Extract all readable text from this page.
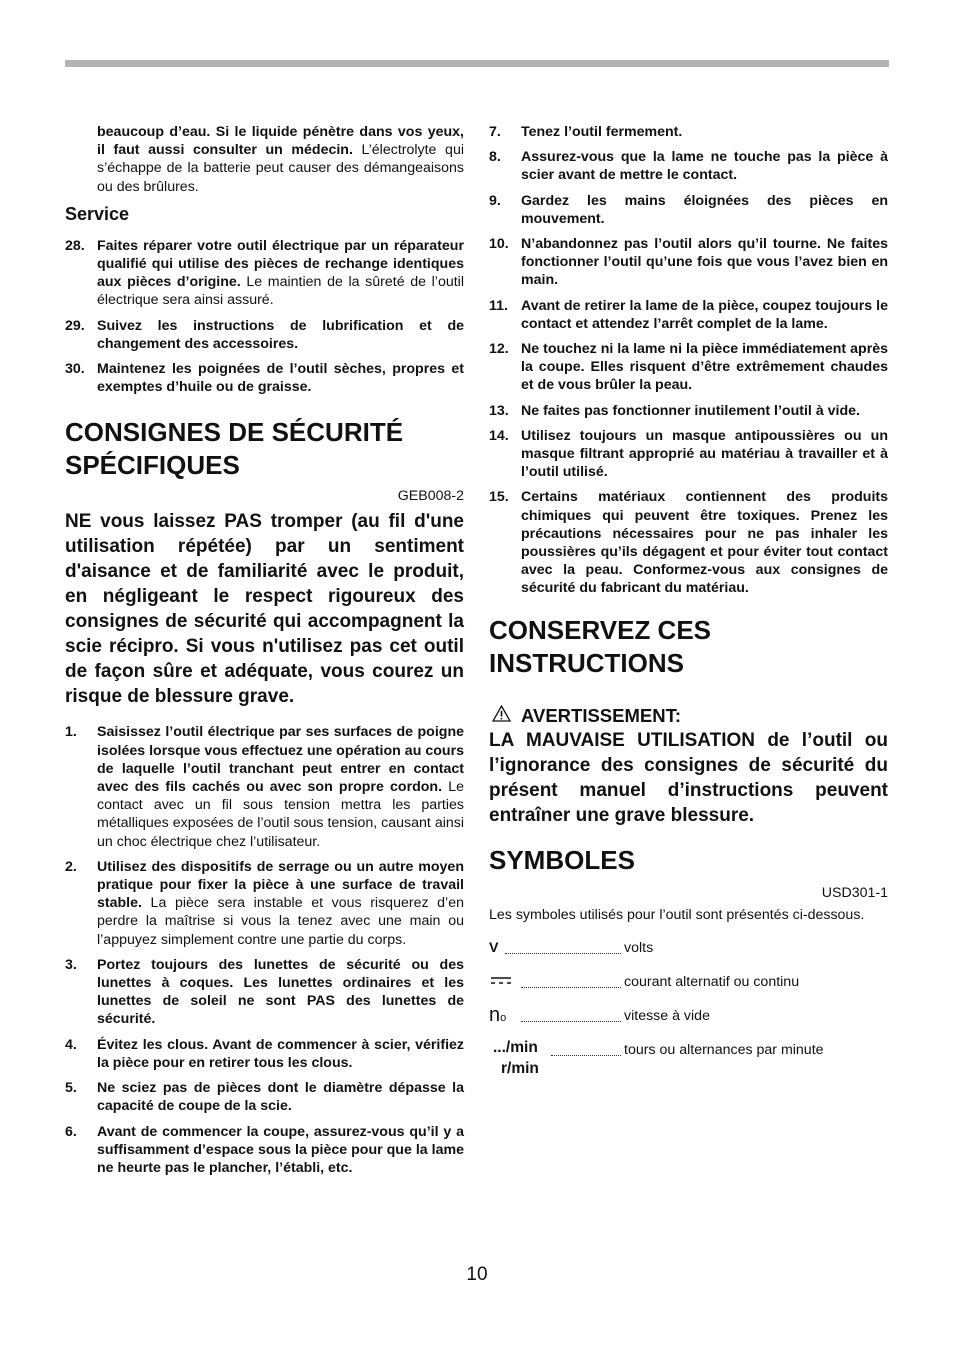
beaucoup d’eau. Si le liquide pénètre dans vos yeux, il faut aussi consulter un médecin. L’électrolyte qui s’échappe de la batterie peut causer des démangeaisons ou des brûlures.

Service
28. Faites réparer votre outil électrique par un réparateur qualifié qui utilise des pièces de rechange identiques aux pièces d’origine. Le maintien de la sûreté de l’outil électrique sera ainsi assuré.
29. Suivez les instructions de lubrification et de changement des accessoires.
30. Maintenez les poignées de l’outil sèches, propres et exemptes d’huile ou de graisse.
CONSIGNES DE SÉCURITÉ SPÉCIFIQUES
GEB008-2

NE vous laissez PAS tromper (au fil d'une utilisation répétée) par un sentiment d'aisance et de familiarité avec le produit, en négligeant le respect rigoureux des consignes de sécurité qui accompagnent la scie récipro. Si vous n'utilisez pas cet outil de façon sûre et adéquate, vous courez un risque de blessure grave.

1. Saisissez l’outil électrique par ses surfaces de poigne isolées lorsque vous effectuez une opération au cours de laquelle l’outil tranchant peut entrer en contact avec des fils cachés ou avec son propre cordon. Le contact avec un fil sous tension mettra les parties métalliques exposées de l’outil sous tension, causant ainsi un choc électrique chez l’utilisateur.
2. Utilisez des dispositifs de serrage ou un autre moyen pratique pour fixer la pièce à une surface de travail stable. La pièce sera instable et vous risquerez d’en perdre la maîtrise si vous la tenez avec une main ou l’appuyez simplement contre une partie du corps.
3. Portez toujours des lunettes de sécurité ou des lunettes à coques. Les lunettes ordinaires et les lunettes de soleil ne sont PAS des lunettes de sécurité.
4. Évitez les clous. Avant de commencer à scier, vérifiez la pièce pour en retirer tous les clous.
5. Ne sciez pas de pièces dont le diamètre dépasse la capacité de coupe de la scie.
6. Avant de commencer la coupe, assurez-vous qu’il y a suffisamment d’espace sous la pièce pour que la lame ne heurte pas le plancher, l’établi, etc.
7. Tenez l’outil fermement.
8. Assurez-vous que la lame ne touche pas la pièce à scier avant de mettre le contact.
9. Gardez les mains éloignées des pièces en mouvement.
10. N’abandonnez pas l’outil alors qu’il tourne. Ne faites fonctionner l’outil qu’une fois que vous l’avez bien en main.
11. Avant de retirer la lame de la pièce, coupez toujours le contact et attendez l’arrêt complet de la lame.
12. Ne touchez ni la lame ni la pièce immédiatement après la coupe. Elles risquent d’être extrêmement chaudes et de vous brûler la peau.
13. Ne faites pas fonctionner inutilement l’outil à vide.
14. Utilisez toujours un masque antipoussières ou un masque filtrant approprié au matériau à travailler et à l’outil utilisé.
15. Certains matériaux contiennent des produits chimiques qui peuvent être toxiques. Prenez les précautions nécessaires pour ne pas inhaler les poussières qu’ils dégagent et pour éviter tout contact avec la peau. Conformez-vous aux consignes de sécurité du fabricant du matériau.
CONSERVEZ CES INSTRUCTIONS
AVERTISSEMENT:

LA MAUVAISE UTILISATION de l’outil ou l’ignorance des consignes de sécurité du présent manuel d’instructions peuvent entraîner une grave blessure.

SYMBOLES
USD301-1

Les symboles utilisés pour l’outil sont présentés ci-dessous.

V	volts
courant alternatif ou continu
no	vitesse à vide
.../min
r/min
tours ou alternances par minute
10
